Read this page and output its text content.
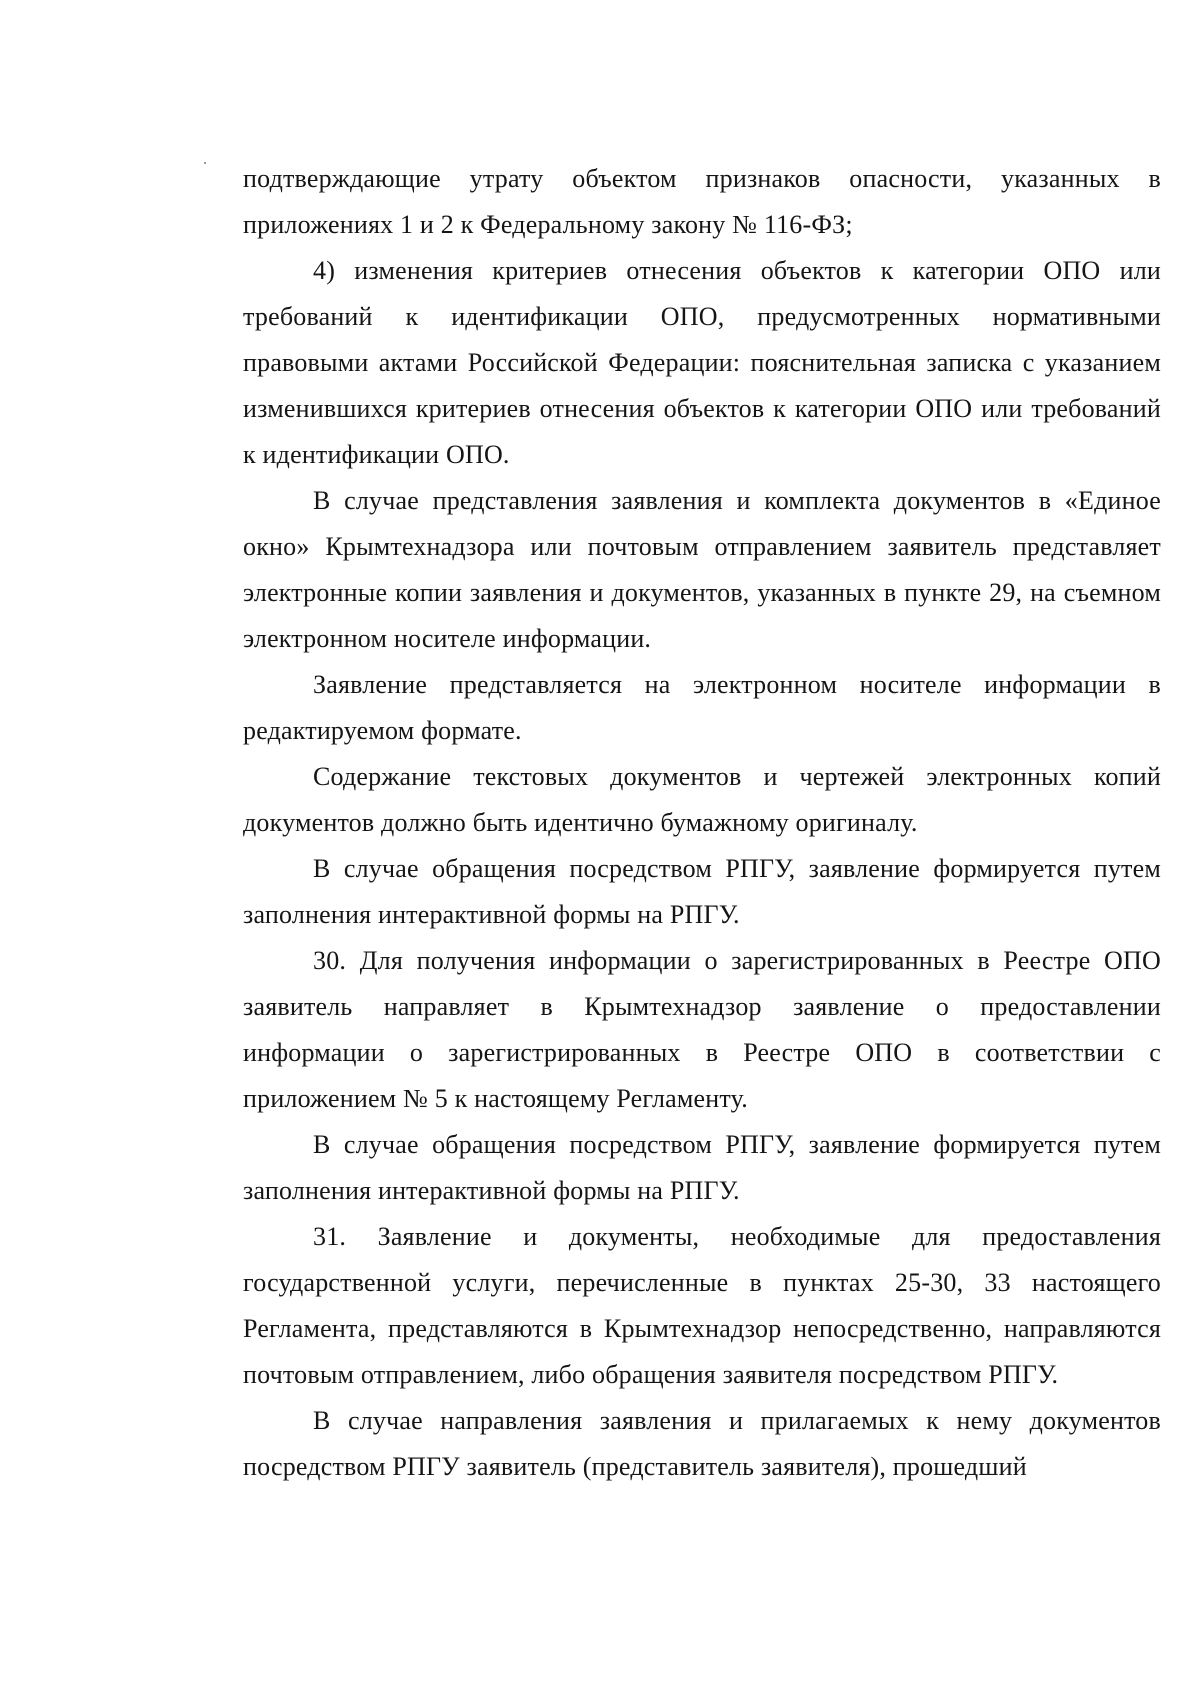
подтверждающие утрату объектом признаков опасности, указанных в приложениях 1 и 2 к Федеральному закону № 116-ФЗ;

4) изменения критериев отнесения объектов к категории ОПО или требований к идентификации ОПО, предусмотренных нормативными правовыми актами Российской Федерации: пояснительная записка с указанием изменившихся критериев отнесения объектов к категории ОПО или требований к идентификации ОПО.

В случае представления заявления и комплекта документов в «Единое окно» Крымтехнадзора или почтовым отправлением заявитель представляет электронные копии заявления и документов, указанных в пункте 29, на съемном электронном носителе информации.

Заявление представляется на электронном носителе информации в редактируемом формате.

Содержание текстовых документов и чертежей электронных копий документов должно быть идентично бумажному оригиналу.

В случае обращения посредством РПГУ, заявление формируется путем заполнения интерактивной формы на РПГУ.

30. Для получения информации о зарегистрированных в Реестре ОПО заявитель направляет в Крымтехнадзор заявление о предоставлении информации о зарегистрированных в Реестре ОПО в соответствии с приложением № 5 к настоящему Регламенту.

В случае обращения посредством РПГУ, заявление формируется путем заполнения интерактивной формы на РПГУ.

31. Заявление и документы, необходимые для предоставления государственной услуги, перечисленные в пунктах 25-30, 33 настоящего Регламента, представляются в Крымтехнадзор непосредственно, направляются почтовым отправлением, либо обращения заявителя посредством РПГУ.

В случае направления заявления и прилагаемых к нему документов посредством РПГУ заявитель (представитель заявителя), прошедший
